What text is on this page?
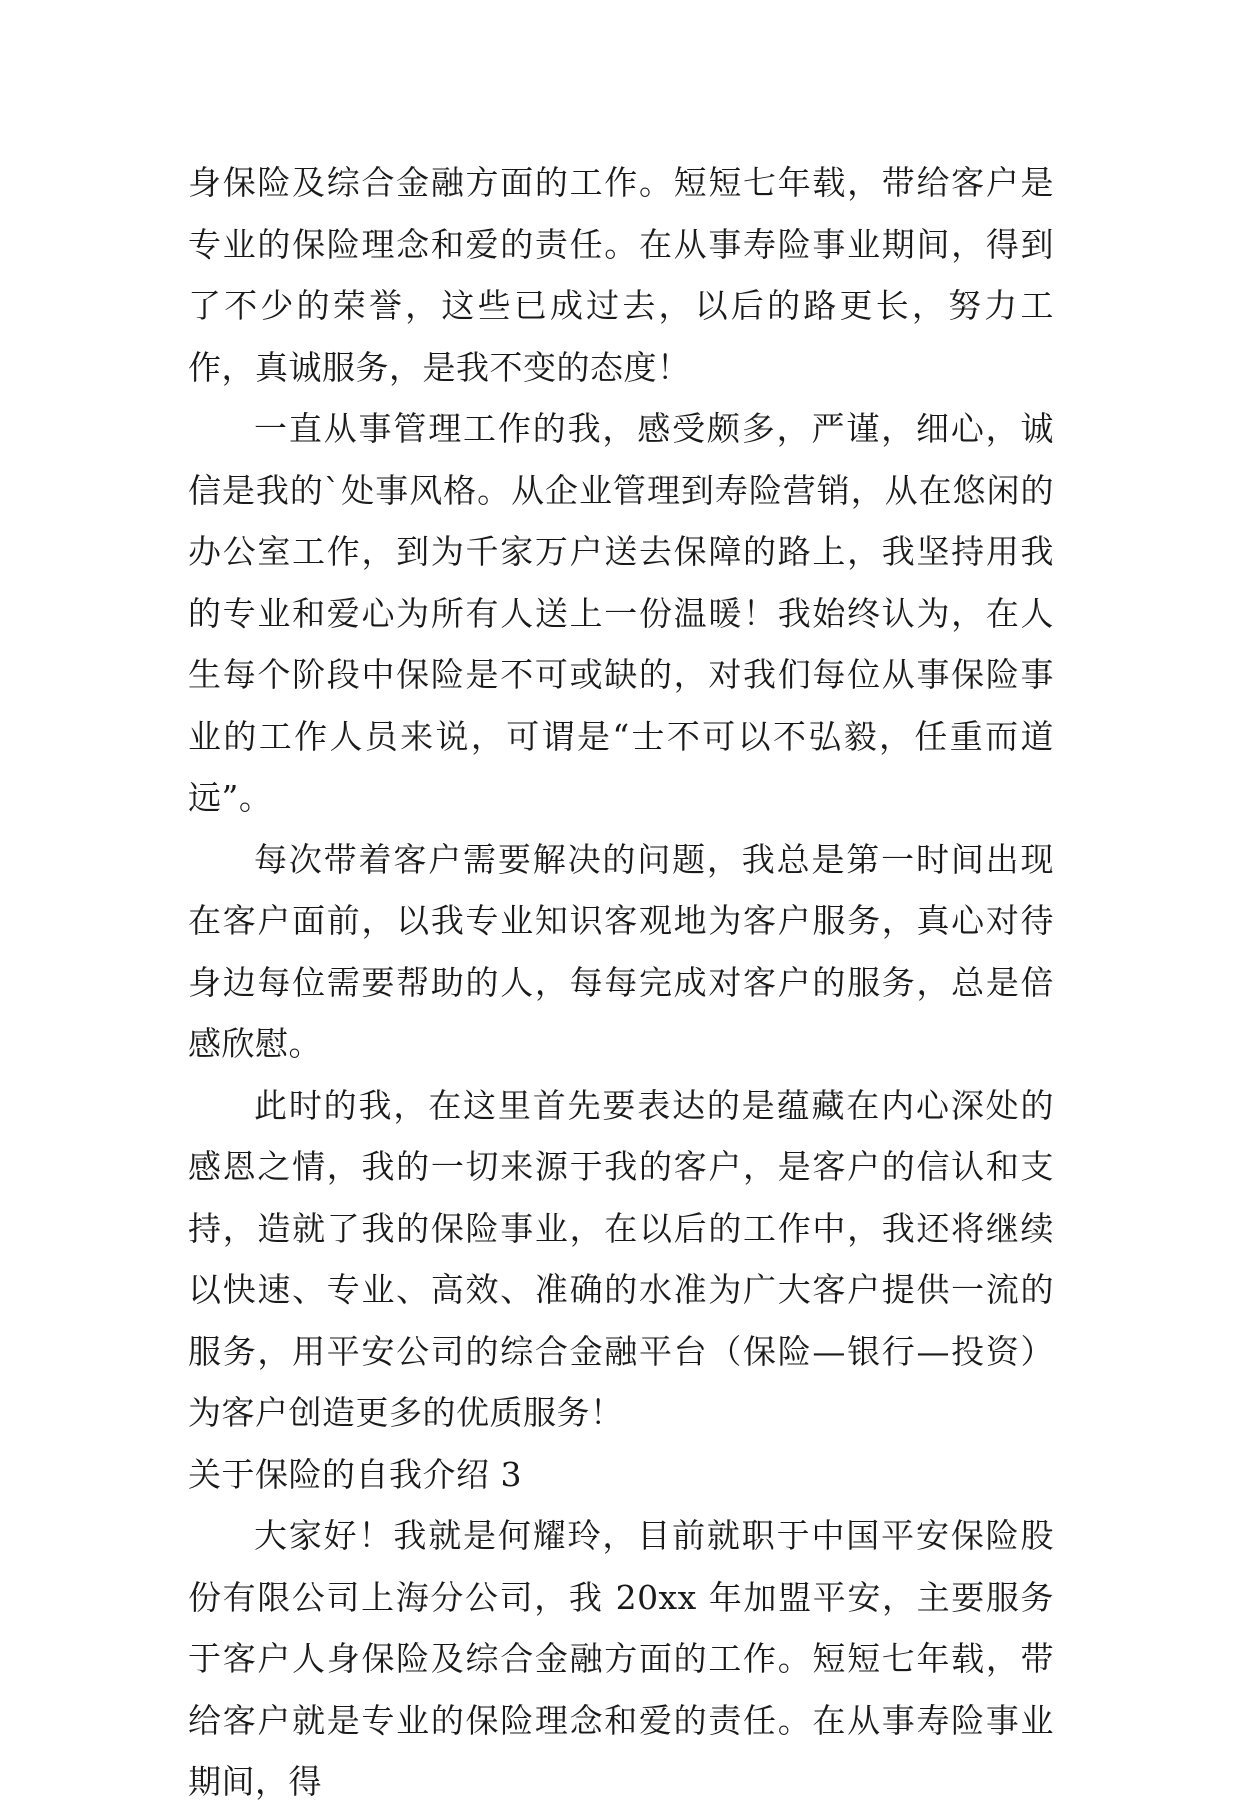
身保险及综合金融方面的工作。短短七年载，带给客户是专业的保险理念和爱的责任。在从事寿险事业期间，得到了不少的荣誉，这些已成过去，以后的路更长，努力工作，真诚服务，是我不变的态度！

一直从事管理工作的我，感受颇多，严谨，细心，诚信是我的`处事风格。从企业管理到寿险营销，从在悠闲的办公室工作，到为千家万户送去保障的路上，我坚持用我的专业和爱心为所有人送上一份温暖！我始终认为，在人生每个阶段中保险是不可或缺的，对我们每位从事保险事业的工作人员来说，可谓是“士不可以不弘毅，任重而道远”。

每次带着客户需要解决的问题，我总是第一时间出现在客户面前，以我专业知识客观地为客户服务，真心对待身边每位需要帮助的人，每每完成对客户的服务，总是倍感欣慰。

此时的我，在这里首先要表达的是蕴藏在内心深处的感恩之情，我的一切来源于我的客户，是客户的信认和支持，造就了我的保险事业，在以后的工作中，我还将继续以快速、专业、高效、准确的水准为广大客户提供一流的服务，用平安公司的综合金融平台（保险—银行—投资）为客户创造更多的优质服务！

关于保险的自我介绍 3

大家好！我就是何耀玲，目前就职于中国平安保险股份有限公司上海分公司，我 20xx 年加盟平安，主要服务于客户人身保险及综合金融方面的工作。短短七年载，带给客户就是专业的保险理念和爱的责任。在从事寿险事业期间，得
